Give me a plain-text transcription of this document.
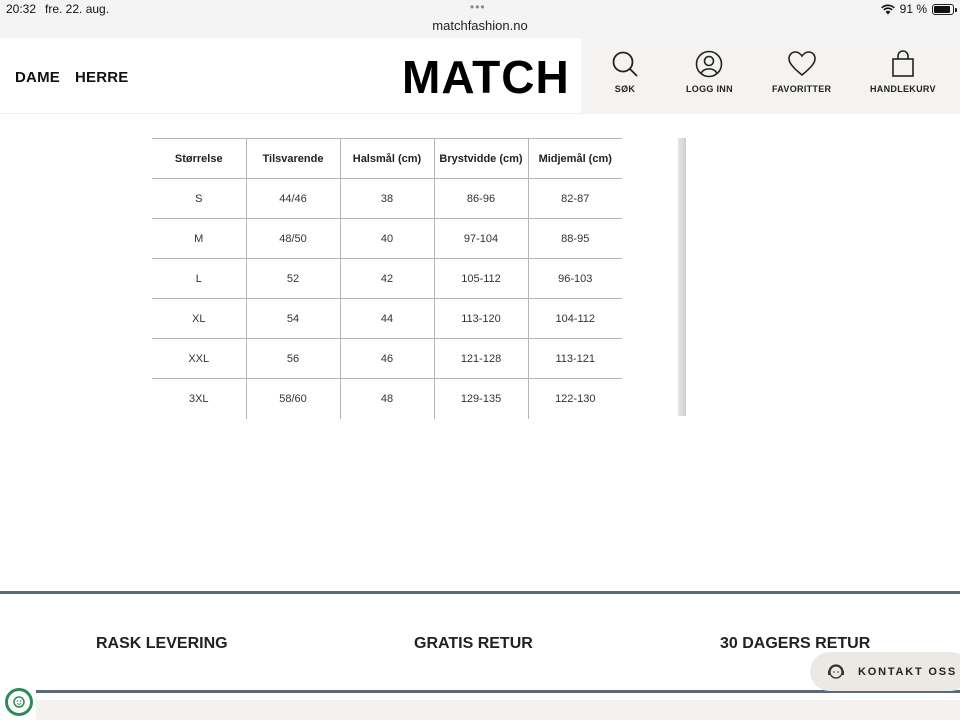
20:32 fre. 22. aug.	•••
matchfashion.no
91 %
DAME HERRE	MATCH	SØK	LOGG INN	FAVORITTER	HANDLEKURV
Størrelse	Tilsvarende	Halsmål (cm)	Brystvidde (cm)	Midjemål (cm)
S	44/46	38	86-96	82-87
M	48/50	40	97-104	88-95
L	52	42	105-112	96-103
XL	54	44	113-120	104-112
XXL	56	46	121-128	113-121
3XL	58/60	48	129-135	122-130
RASK LEVERING	GRATIS RETUR	30 DAGERS RETUR
KONTAKT OSS
